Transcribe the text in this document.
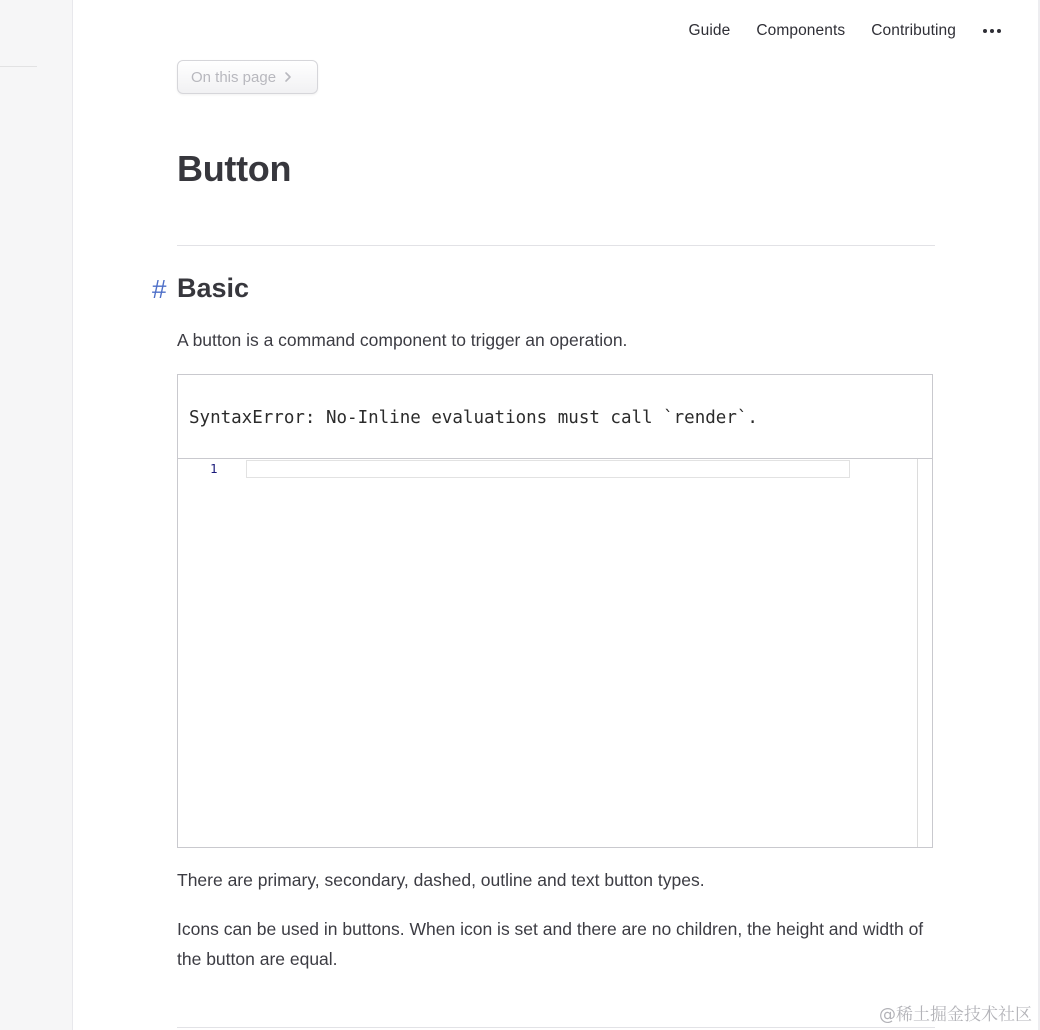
Guide Components Contributing
On this page
Button
# Basic

A button is a command component to trigger an operation.

SyntaxError: No-Inline evaluations must call `render`.
1

There are primary, secondary, dashed, outline and text button types.

Icons can be used in buttons. When icon is set and there are no children, the height and width of the button are equal.

@稀土掘金技术社区
